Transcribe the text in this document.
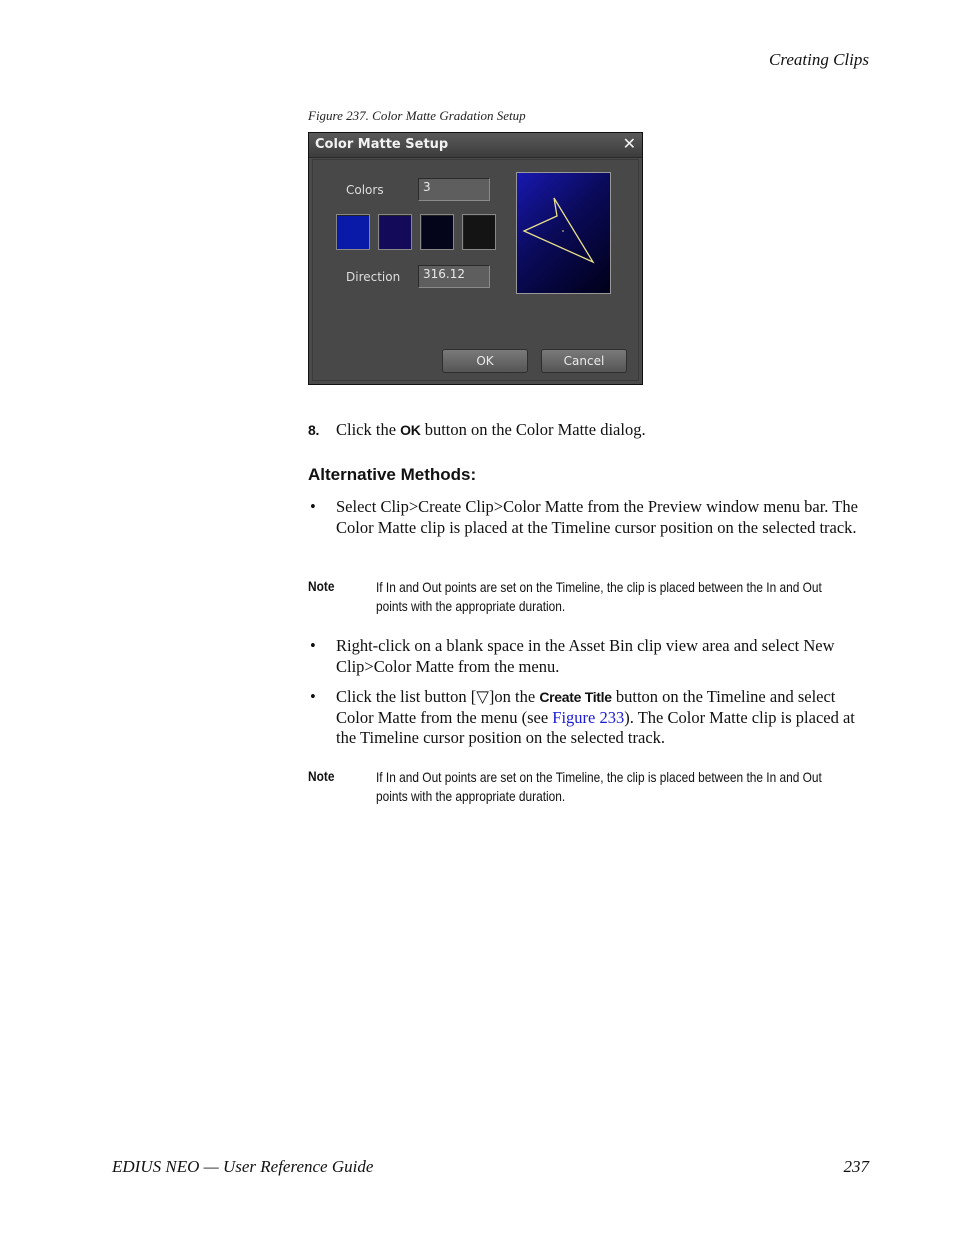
Creating Clips
Figure 237. Color Matte Gradation Setup
Color Matte Setup	✕
Colors	3
Direction	316.12
OK	Cancel
8. Click the OK button on the Color Matte dialog.
Alternative Methods:
• Select Clip>Create Clip>Color Matte from the Preview window menu bar. The Color Matte clip is placed at the Timeline cursor position on the selected track.
Note	If In and Out points are set on the Timeline, the clip is placed between the In and Out points with the appropriate duration.
• Right-click on a blank space in the Asset Bin clip view area and select New Clip>Color Matte from the menu.
• Click the list button [▽]on the Create Title button on the Timeline and select Color Matte from the menu (see Figure 233). The Color Matte clip is placed at the Timeline cursor position on the selected track.
Note	If In and Out points are set on the Timeline, the clip is placed between the In and Out points with the appropriate duration.
EDIUS NEO — User Reference Guide	237
